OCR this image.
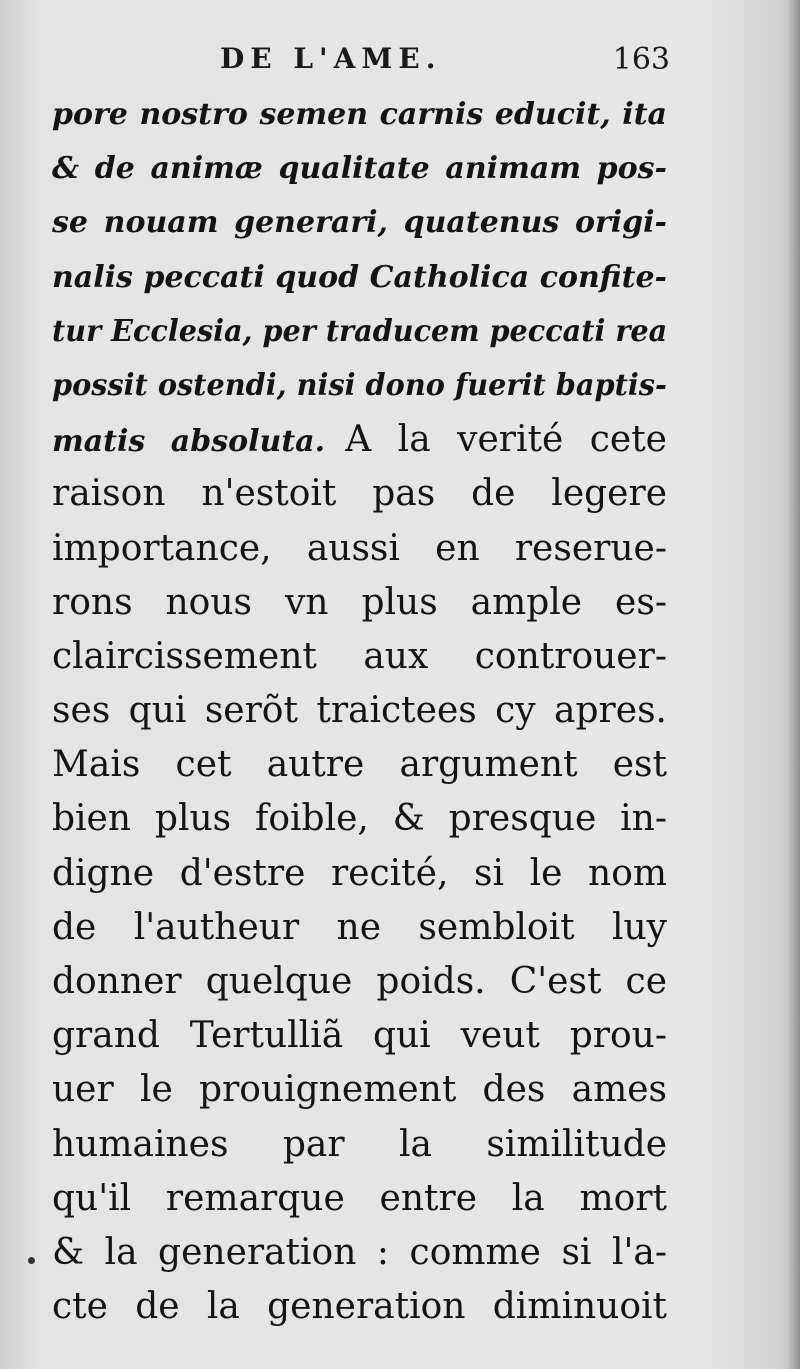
DE L'AME.	163
pore nostro semen carnis educit, ita
& de animæ qualitate animam pos-
se nouam generari, quatenus origi-
nalis peccati quod Catholica confite-
tur Ecclesia, per traducem peccati rea
possit ostendi, nisi dono fuerit baptis-
matis absoluta. A la verité cete
raison n'estoit pas de legere
importance, aussi en reserue-
rons nous vn plus ample es-
claircissement aux controuer-
ses qui serõt traictees cy apres.
Mais cet autre argument est
bien plus foible, & presque in-
digne d'estre recité, si le nom
de l'autheur ne sembloit luy
donner quelque poids. C'est ce
grand Tertulliã qui veut prou-
uer le prouignement des ames
humaines par la similitude
qu'il remarque entre la mort
& la generation : comme si l'a-
cte de la generation diminuoit
